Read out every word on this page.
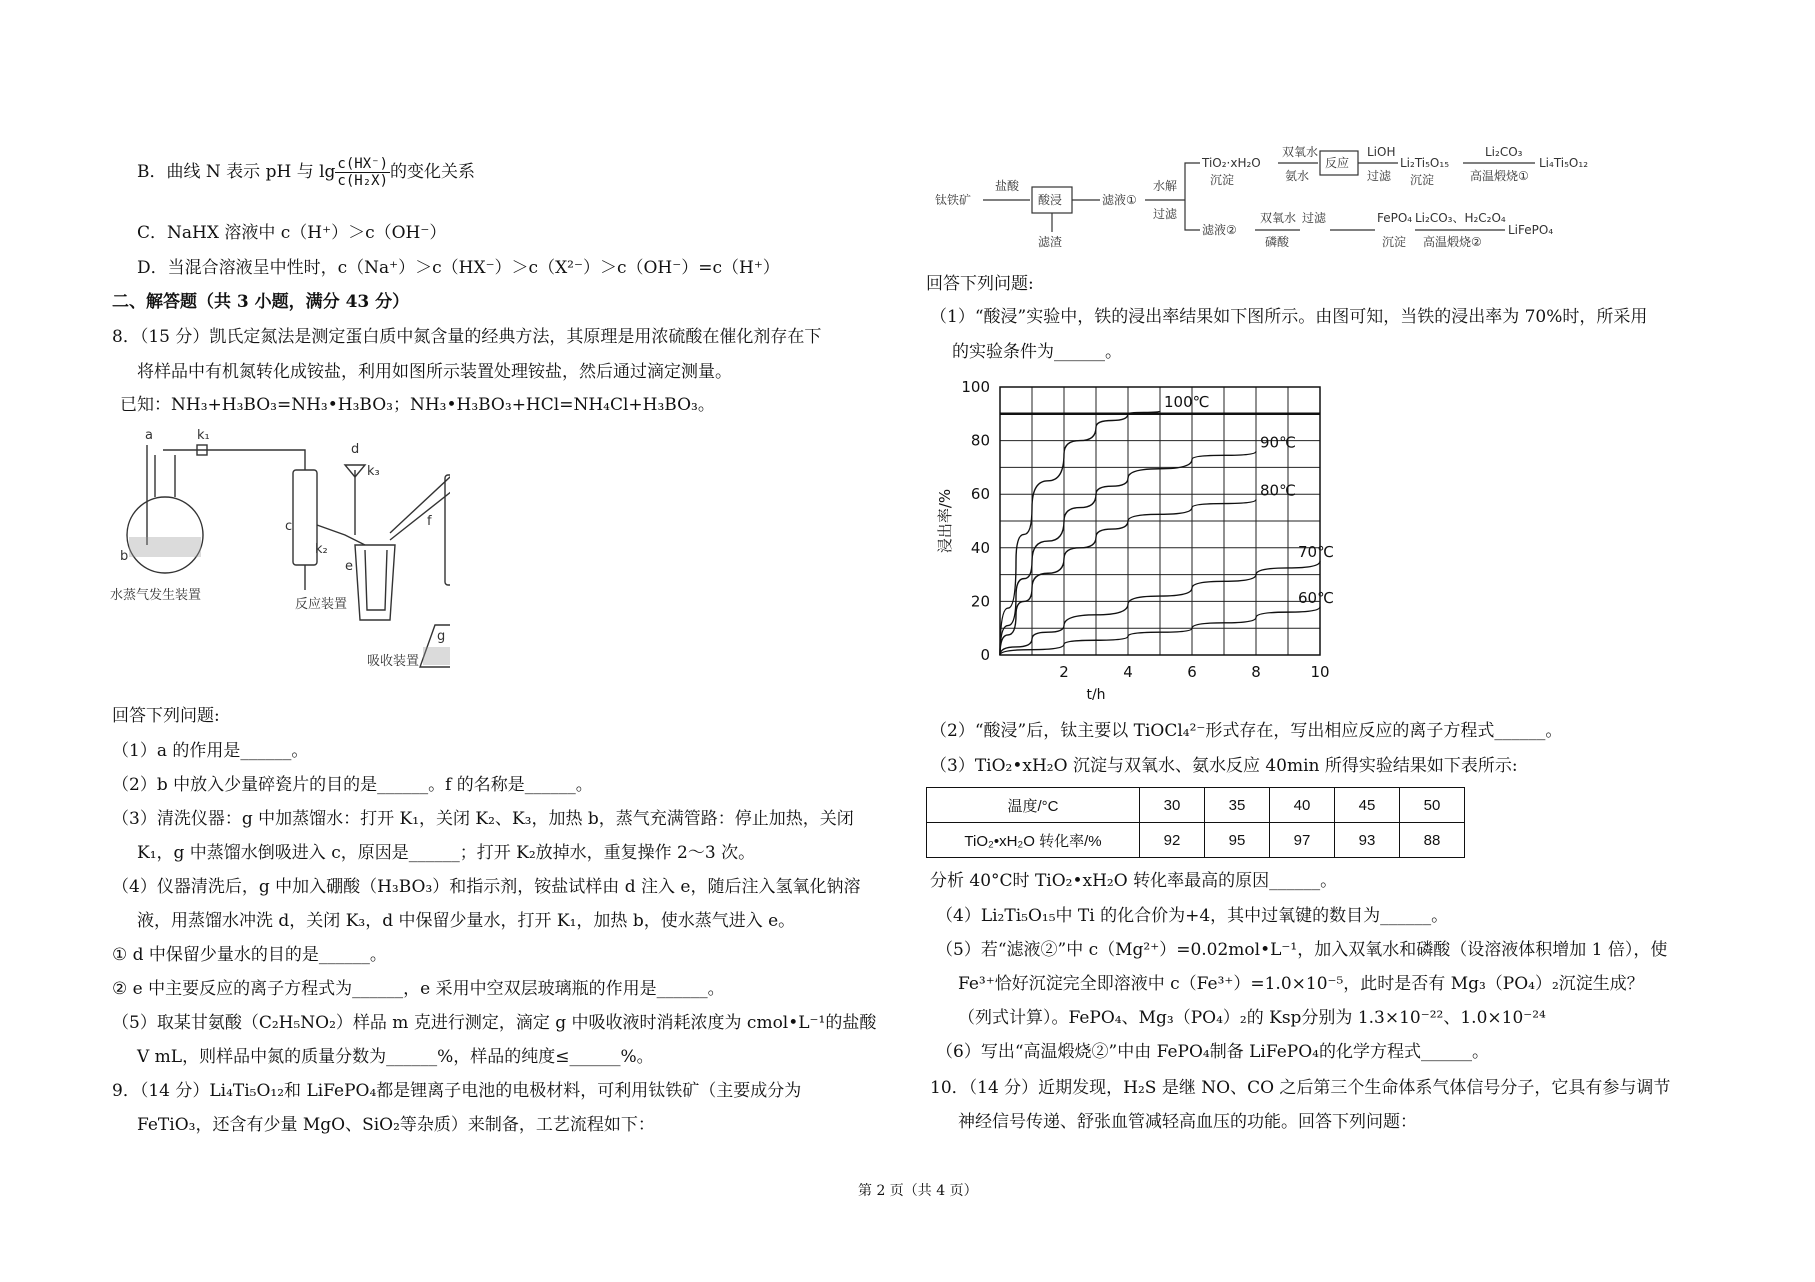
B．曲线 N 表示 pH 与 $\lg \frac{c(HX^-)}{\text{c(H₂X)}}$ 的变化关系
C．NaHX 溶液中 c（H⁺）＞c（OH⁻）
D．当混合溶液呈中性时，c（Na⁺）＞c（HX⁻）＞c（X²⁻）＞c（OH⁻）=c（H⁺）
二、解答题（共 3 小题，满分 43 分）
8．（15 分）凯氏定氮法是测定蛋白质中氮含量的经典方法，其原理是用浓硫酸在催化剂存在下
将样品中有机氮转化成铵盐，利用如图所示装置处理铵盐，然后通过滴定测量。
已知：NH₃+H₃BO₃=NH₃•H₃BO₃；NH₃•H₃BO₃+HCl=NH₄Cl+H₃BO₃。
a
b
c
d
e
f
g
k₁
k₂
k₃
水蒸气发生装置
反应装置
吸收装置
回答下列问题:
（1）a 的作用是______。
（2）b 中放入少量碎瓷片的目的是______。f 的名称是______。
（3）清洗仪器：g 中加蒸馏水：打开 K₁，关闭 K₂、K₃，加热 b，蒸气充满管路：停止加热，关闭
K₁，g 中蒸馏水倒吸进入 c，原因是______；打开 K₂放掉水，重复操作 2～3 次。
（4）仪器清洗后，g 中加入硼酸（H₃BO₃）和指示剂，铵盐试样由 d 注入 e，随后注入氢氧化钠溶
液，用蒸馏水冲洗 d，关闭 K₃，d 中保留少量水，打开 K₁，加热 b，使水蒸气进入 e。
① d 中保留少量水的目的是______。
② e 中主要反应的离子方程式为______，e 采用中空双层玻璃瓶的作用是______。
（5）取某甘氨酸（C₂H₅NO₂）样品 m 克进行测定，滴定 g 中吸收液时消耗浓度为 cmol•L⁻¹的盐酸
V mL，则样品中氮的质量分数为______%，样品的纯度≤______%。
9．（14 分）Li₄Ti₅O₁₂和 LiFePO₄都是锂离子电池的电极材料，可利用钛铁矿（主要成分为
FeTiO₃，还含有少量 MgO、SiO₂等杂质）来制备，工艺流程如下：
钛铁矿
盐酸
酸浸
滤渣
滤液①
水解
过滤
TiO₂·xH₂O
沉淀
双氧水
氨水
反应
LiOH
过滤
Li₂Ti₅O₁₅
沉淀
Li₂CO₃
高温煅烧①
Li₄Ti₅O₁₂
滤液②
双氧水
磷酸
过滤	FePO₄
沉淀
Li₂CO₃、H₂C₂O₄
高温煅烧②
LiFePO₄
回答下列问题:
（1）“酸浸”实验中，铁的浸出率结果如下图所示。由图可知，当铁的浸出率为 70%时，所采用
的实验条件为______。
0
20
40
60
80
100
2	4	6	8	10
t/h
浸出率/%
100℃
90℃
80℃
70℃
60℃
（2）“酸浸”后，钛主要以 TiOCl₄²⁻形式存在，写出相应反应的离子方程式______。
（3）TiO₂•xH₂O 沉淀与双氧水、氨水反应 40min 所得实验结果如下表所示:
温度/°C	30	35	40	45	50
TiO₂•xH₂O 转化率/%	92	95	97	93	88
分析 40°C时 TiO₂•xH₂O 转化率最高的原因______。
（4）Li₂Ti₅O₁₅中 Ti 的化合价为+4，其中过氧键的数目为______。
（5）若“滤液②”中 c（Mg²⁺）=0.02mol•L⁻¹，加入双氧水和磷酸（设溶液体积增加 1 倍），使
Fe³⁺恰好沉淀完全即溶液中 c（Fe³⁺）=1.0×10⁻⁵，此时是否有 Mg₃（PO₄）₂沉淀生成？
（列式计算）。FePO₄、Mg₃（PO₄）₂的 Ksp分别为 1.3×10⁻²²、1.0×10⁻²⁴
（6）写出“高温煅烧②”中由 FePO₄制备 LiFePO₄的化学方程式______。
10．（14 分）近期发现，H₂S 是继 NO、CO 之后第三个生命体系气体信号分子，它具有参与调节
神经信号传递、舒张血管减轻高血压的功能。回答下列问题：
第 2 页（共 4 页）
